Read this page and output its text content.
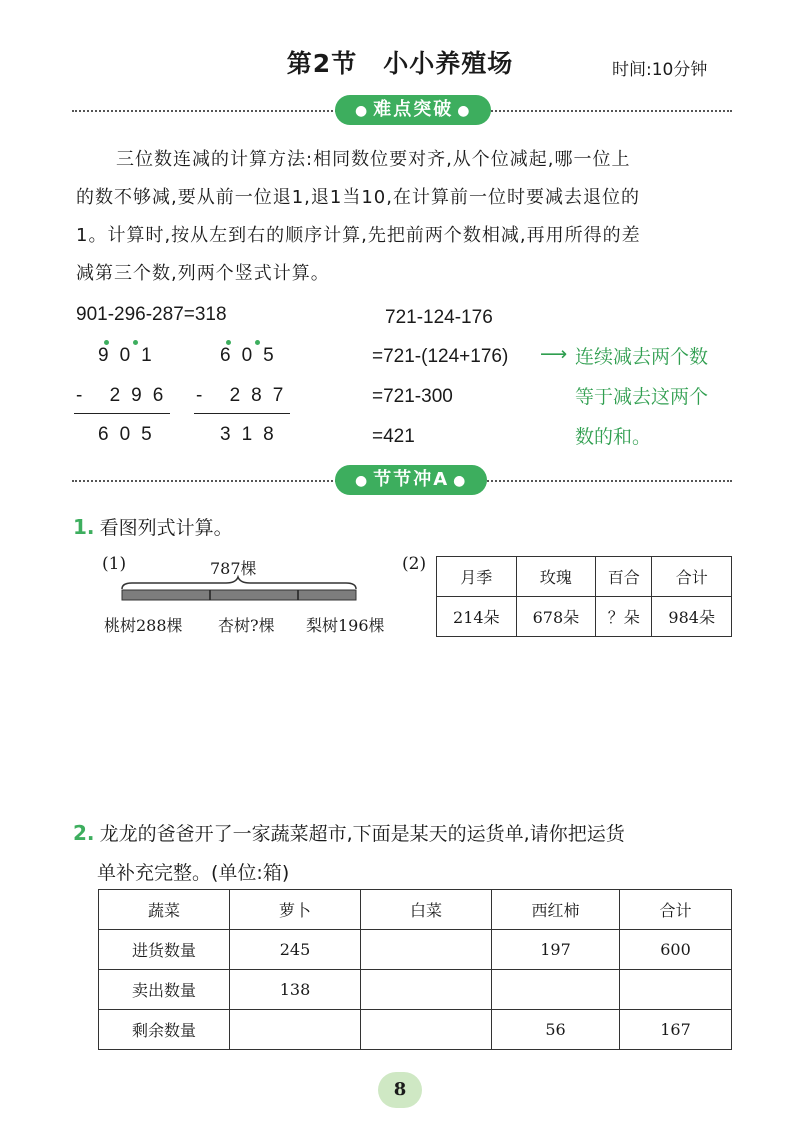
第2节　小小养殖场	时间:10分钟
● 难点突破 ●
三位数连减的计算方法:相同数位要对齐,从个位减起,哪一位上
的数不够减,要从前一位退1,退1当10,在计算前一位时要减去退位的
1。计算时,按从左到右的顺序计算,先把前两个数相减,再用所得的差
减第三个数,列两个竖式计算。
901-296-287=318
901
- 296
605
605
- 287
318
721-124-176
=721-(124+176) ⟶
=721-300
=421
连续减去两个数
等于减去这两个
数的和。
● 节节冲A ●
1. 看图列式计算。
(1)	787棵
桃树288棵 杏树?棵 梨树196棵
(2)
月季	玫瑰	百合	合计
214朵	678朵	？朵	984朵
2. 龙龙的爸爸开了一家蔬菜超市,下面是某天的运货单,请你把运货
单补充完整。(单位:箱)
蔬菜	萝卜	白菜	西红柿	合计
进货数量	245		197	600
卖出数量	138			
剩余数量			56	167
8
